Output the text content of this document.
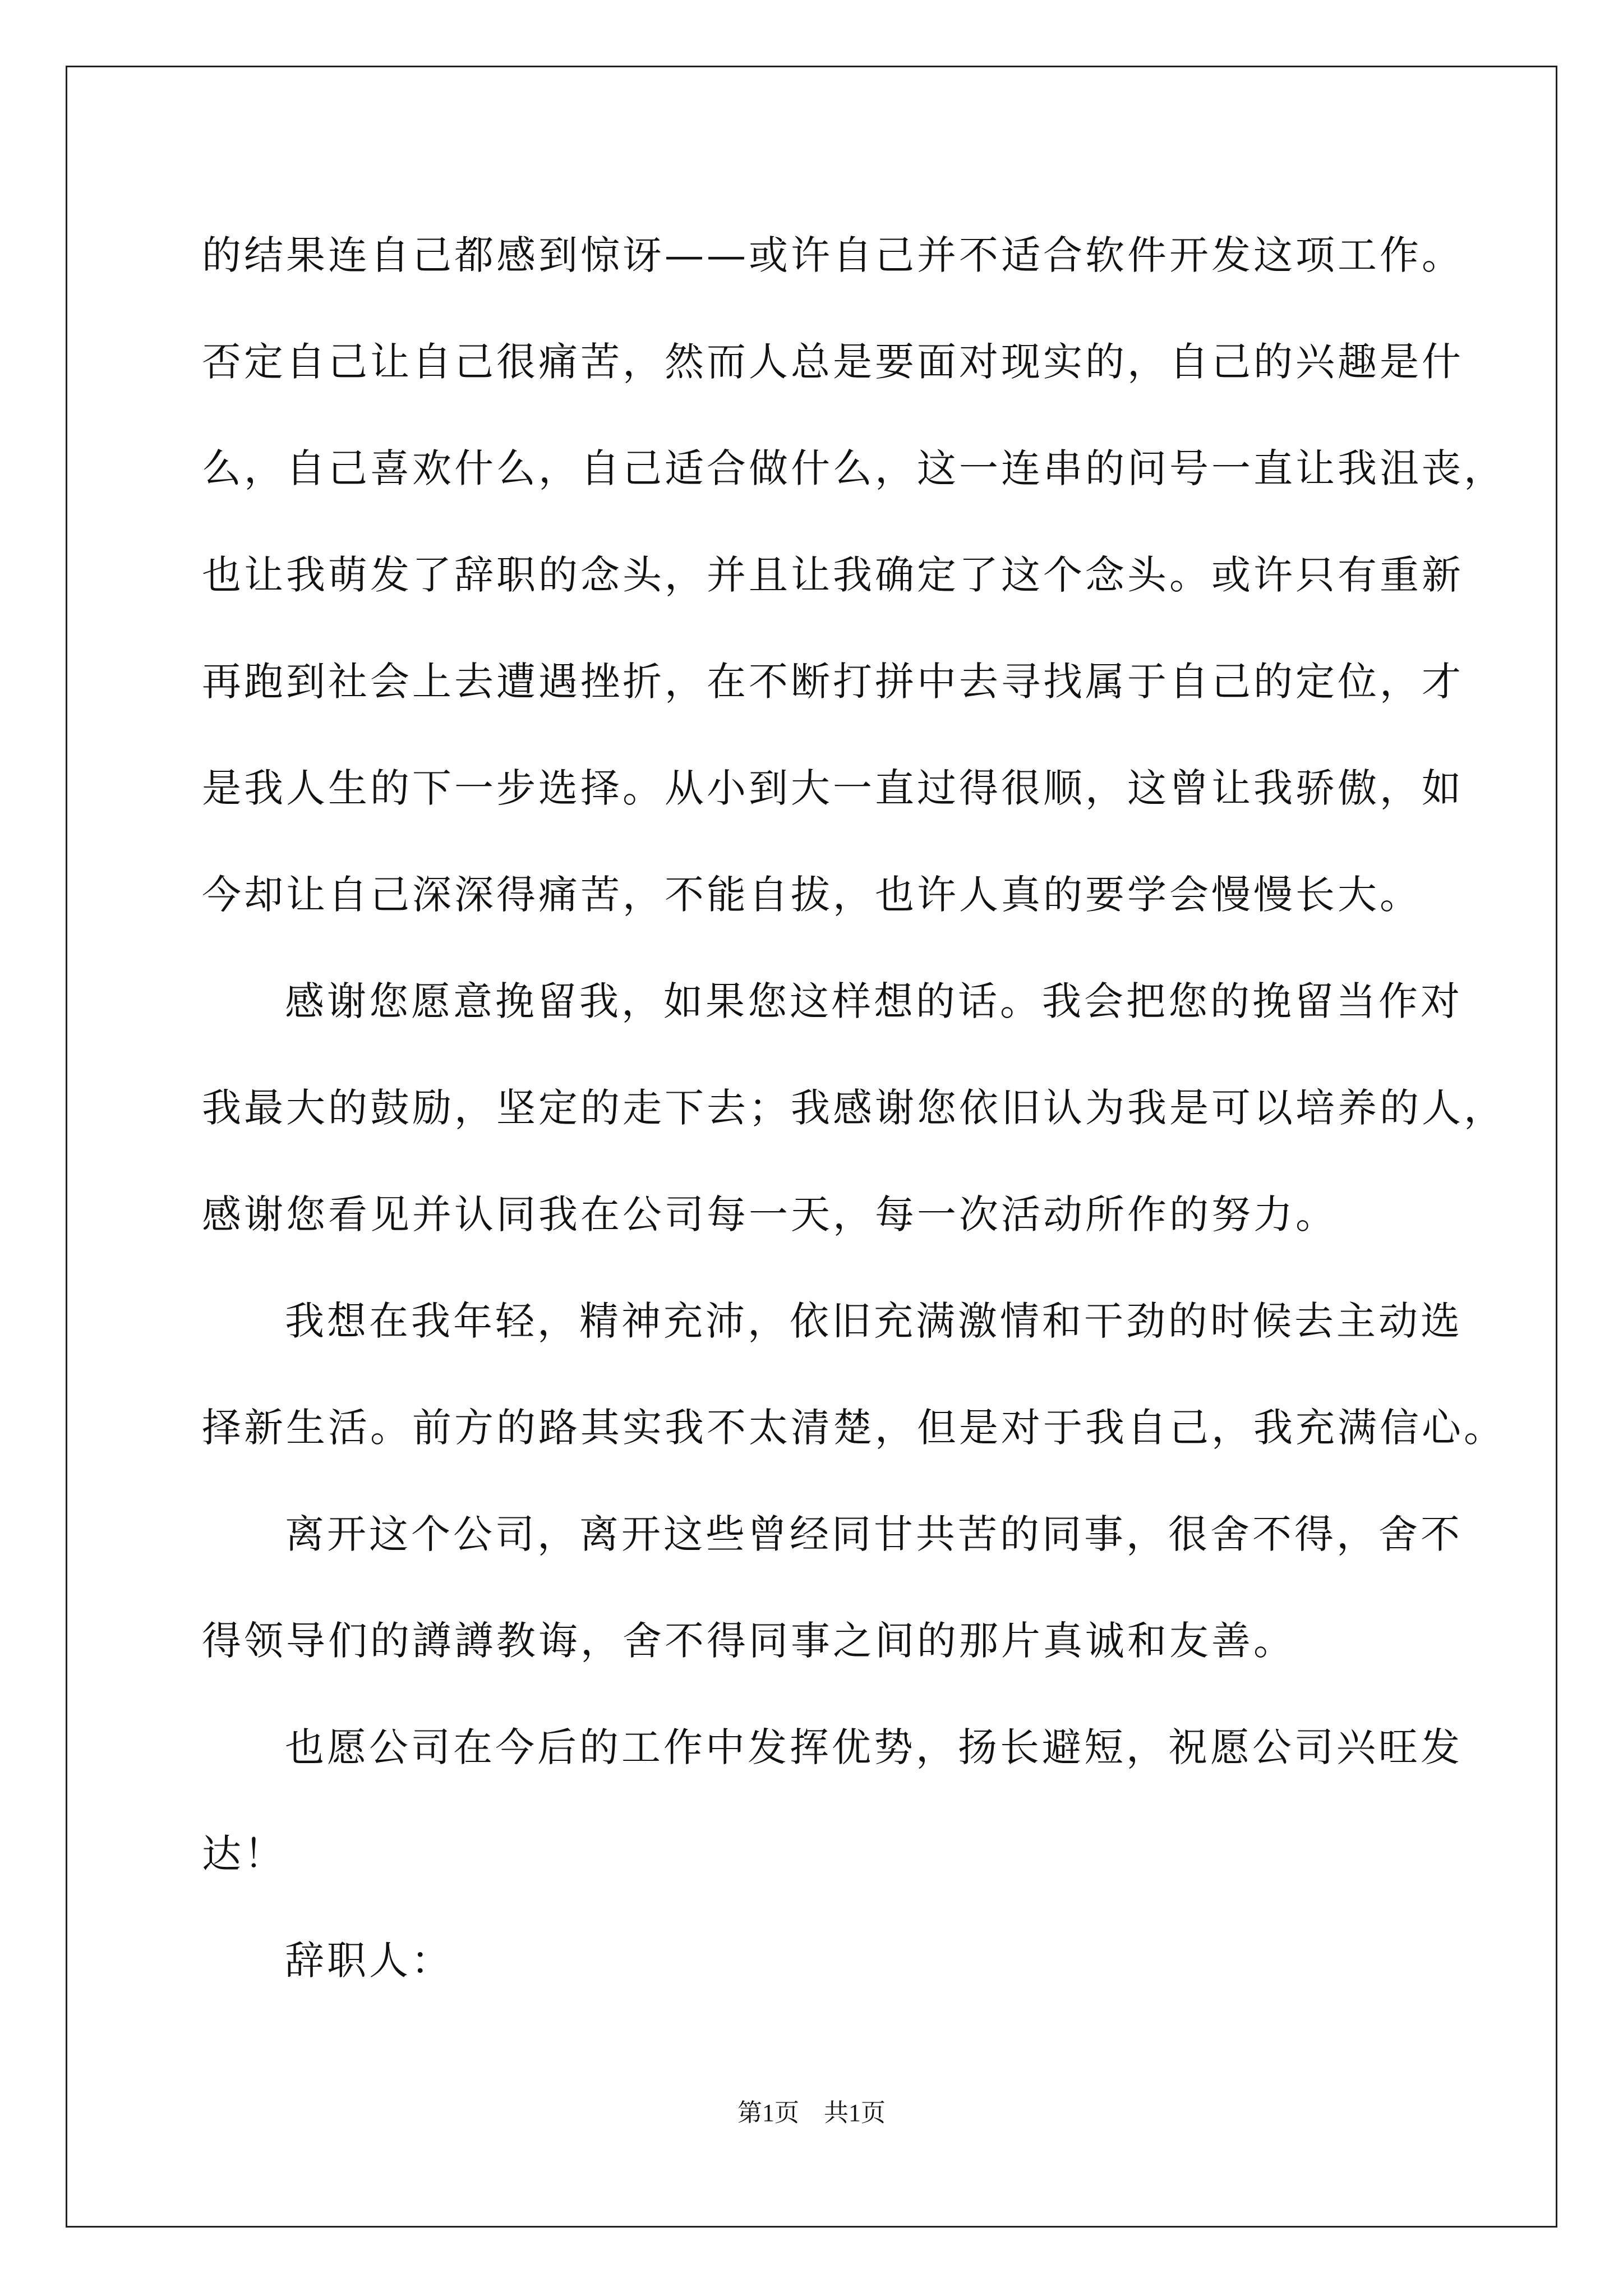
的结果连自己都感到惊讶——或许自己并不适合软件开发这项工作。
否定自己让自己很痛苦，然而人总是要面对现实的，自己的兴趣是什
么，自己喜欢什么，自己适合做什么，这一连串的问号一直让我沮丧，
也让我萌发了辞职的念头，并且让我确定了这个念头。或许只有重新
再跑到社会上去遭遇挫折，在不断打拼中去寻找属于自己的定位，才
是我人生的下一步选择。从小到大一直过得很顺，这曾让我骄傲，如
今却让自己深深得痛苦，不能自拔，也许人真的要学会慢慢长大。
感谢您愿意挽留我，如果您这样想的话。我会把您的挽留当作对
我最大的鼓励，坚定的走下去；我感谢您依旧认为我是可以培养的人，
感谢您看见并认同我在公司每一天，每一次活动所作的努力。
我想在我年轻，精神充沛，依旧充满激情和干劲的时候去主动选
择新生活。前方的路其实我不太清楚，但是对于我自己，我充满信心。
离开这个公司，离开这些曾经同甘共苦的同事，很舍不得，舍不
得领导们的譐譐教诲，舍不得同事之间的那片真诚和友善。
也愿公司在今后的工作中发挥优势，扬长避短，祝愿公司兴旺发
达！
辞职人：
第1页　共1页
